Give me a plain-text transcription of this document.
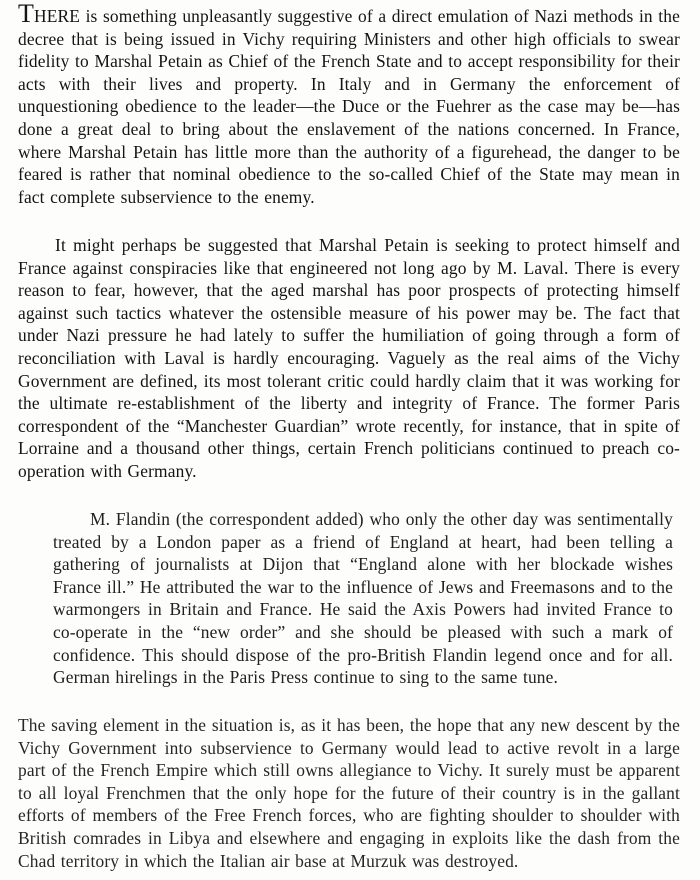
THERE is something unpleasantly suggestive of a direct emulation of Nazi methods in the decree that is being issued in Vichy requiring Ministers and other high officials to swear fidelity to Marshal Petain as Chief of the French State and to accept responsibility for their acts with their lives and property. In Italy and in Germany the enforcement of unquestioning obedience to the leader—the Duce or the Fuehrer as the case may be—has done a great deal to bring about the enslavement of the nations concerned. In France, where Marshal Petain has little more than the authority of a figurehead, the danger to be feared is rather that nominal obedience to the so-called Chief of the State may mean in fact complete subservience to the enemy.

It might perhaps be suggested that Marshal Petain is seeking to protect himself and France against conspiracies like that engineered not long ago by M. Laval. There is every reason to fear, however, that the aged marshal has poor prospects of protecting himself against such tactics whatever the ostensible measure of his power may be. The fact that under Nazi pressure he had lately to suffer the humiliation of going through a form of reconciliation with Laval is hardly encouraging. Vaguely as the real aims of the Vichy Government are defined, its most tolerant critic could hardly claim that it was working for the ultimate re-establishment of the liberty and integrity of France. The former Paris correspondent of the “Manchester Guardian” wrote recently, for instance, that in spite of Lorraine and a thousand other things, certain French politicians continued to preach co-operation with Germany.

M. Flandin (the correspondent added) who only the other day was sentimentally treated by a London paper as a friend of England at heart, had been telling a gathering of journalists at Dijon that “England alone with her blockade wishes France ill.” He attributed the war to the influence of Jews and Freemasons and to the warmongers in Britain and France. He said the Axis Powers had invited France to co-operate in the “new order” and she should be pleased with such a mark of confidence. This should dispose of the pro-British Flandin legend once and for all. German hirelings in the Paris Press continue to sing to the same tune.

The saving element in the situation is, as it has been, the hope that any new descent by the Vichy Government into subservience to Germany would lead to active revolt in a large part of the French Empire which still owns allegiance to Vichy. It surely must be apparent to all loyal Frenchmen that the only hope for the future of their country is in the gallant efforts of members of the Free French forces, who are fighting shoulder to shoulder with British comrades in Libya and elsewhere and engaging in exploits like the dash from the Chad territory in which the Italian air base at Murzuk was destroyed.
